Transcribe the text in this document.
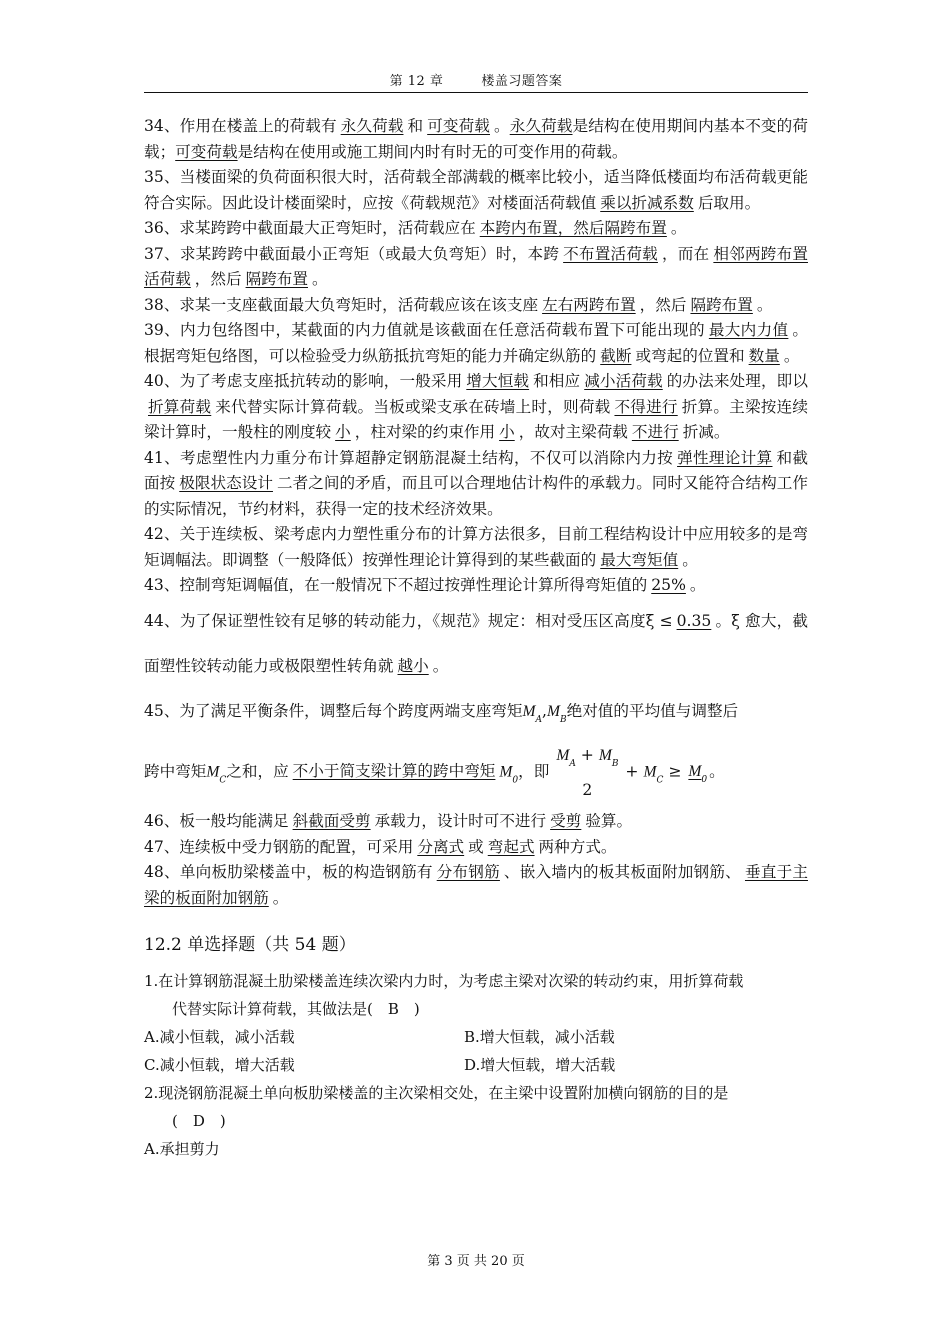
第 12 章	楼盖习题答案

34、作用在楼盖上的荷载有 永久荷载 和 可变荷载 。永久荷载是结构在使用期间内基本不变的荷载；可变荷载是结构在使用或施工期间内时有时无的可变作用的荷载。

35、当楼面梁的负荷面积很大时，活荷载全部满载的概率比较小，适当降低楼面均布活荷载更能符合实际。因此设计楼面梁时，应按《荷载规范》对楼面活荷载值 乘以折减系数 后取用。

36、求某跨跨中截面最大正弯矩时，活荷载应在 本跨内布置，然后隔跨布置 。

37、求某跨跨中截面最小正弯矩（或最大负弯矩）时，本跨 不布置活荷载 ，而在 相邻两跨布置活荷载 ，然后 隔跨布置 。

38、求某一支座截面最大负弯矩时，活荷载应该在该支座 左右两跨布置 ，然后 隔跨布置 。

39、内力包络图中，某截面的内力值就是该截面在任意活荷载布置下可能出现的 最大内力值 。根据弯矩包络图，可以检验受力纵筋抵抗弯矩的能力并确定纵筋的 截断 或弯起的位置和 数量 。

40、为了考虑支座抵抗转动的影响，一般采用 增大恒载 和相应 减小活荷载 的办法来处理，即以折算荷载 来代替实际计算荷载。当板或梁支承在砖墙上时，则荷载 不得进行 折算。主梁按连续梁计算时，一般柱的刚度较 小 ，柱对梁的约束作用 小 ，故对主梁荷载 不进行 折减。

41、考虑塑性内力重分布计算超静定钢筋混凝土结构，不仅可以消除内力按 弹性理论计算 和截面按 极限状态设计 二者之间的矛盾，而且可以合理地估计构件的承载力。同时又能符合结构工作的实际情况，节约材料，获得一定的技术经济效果。

42、关于连续板、梁考虑内力塑性重分布的计算方法很多，目前工程结构设计中应用较多的是弯矩调幅法。即调整（一般降低）按弹性理论计算得到的某些截面的 最大弯矩值 。

43、控制弯矩调幅值，在一般情况下不超过按弹性理论计算所得弯矩值的 25% 。

44、为了保证塑性铰有足够的转动能力，《规范》规定：相对受压区高度ξ ≤ 0.35 。ξ 愈大，截面塑性铰转动能力或极限塑性转角就 越小 。

45、为了满足平衡条件，调整后每个跨度两端支座弯矩$M_A,M_B$绝对值的平均值与调整后

跨中弯矩$M_C$之和，应 不小于简支梁计算的跨中弯矩 $M_0$，即
$M_A + M_B$
2
+ $M_C \ge M_0$ 。

46、板一般均能满足 斜截面受剪 承载力，设计时可不进行 受剪 验算。

47、连续板中受力钢筋的配置，可采用 分离式 或 弯起式 两种方式。

48、单向板肋梁楼盖中，板的构造钢筋有 分布钢筋 、嵌入墙内的板其板面附加钢筋、 垂直于主梁的板面附加钢筋 。

12.2 单选择题（共 54 题）

1.在计算钢筋混凝土肋梁楼盖连续次梁内力时，为考虑主梁对次梁的转动约束，用折算荷载
代替实际计算荷载，其做法是(　B　)
A.减小恒载，减小活载	B.增大恒载，减小活载
C.减小恒载，增大活载	D.增大恒载，增大活载
2.现浇钢筋混凝土单向板肋梁楼盖的主次梁相交处，在主梁中设置附加横向钢筋的目的是
(　D　)
A.承担剪力
第 3 页 共 20 页
